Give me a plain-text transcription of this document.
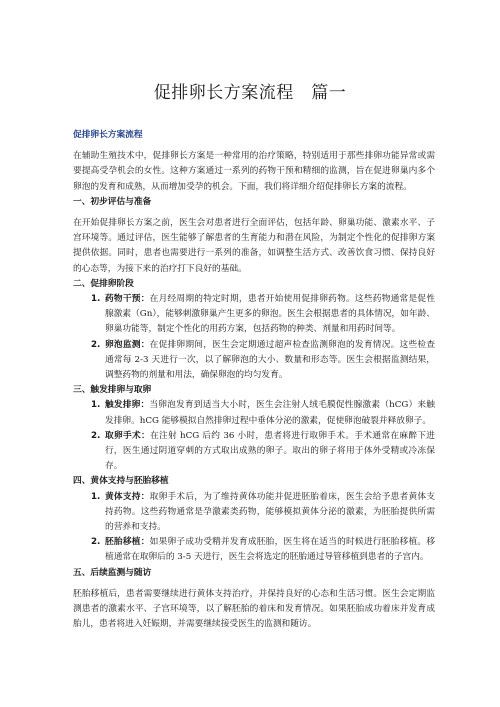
促排卵长方案流程　篇一

促排卵长方案流程

在辅助生殖技术中，促排卵长方案是一种常用的治疗策略，特别适用于那些排卵功能异常或需要提高受孕机会的女性。这种方案通过一系列的药物干预和精细的监测，旨在促进卵巢内多个卵泡的发育和成熟，从而增加受孕的机会。下面，我们将详细介绍促排卵长方案的流程。

一、初步评估与准备

在开始促排卵长方案之前，医生会对患者进行全面评估，包括年龄、卵巢功能、激素水平、子宫环境等。通过评估，医生能够了解患者的生育能力和潜在风险，为制定个性化的促排卵方案提供依据。同时，患者也需要进行一系列的准备，如调整生活方式、改善饮食习惯、保持良好的心态等，为接下来的治疗打下良好的基础。

二、促排卵阶段

1. 药物干预：在月经周期的特定时期，患者开始使用促排卵药物。这些药物通常是促性腺激素（Gn），能够刺激卵巢产生更多的卵泡。医生会根据患者的具体情况，如年龄、卵巢功能等，制定个性化的用药方案，包括药物的种类、剂量和用药时间等。

2. 卵泡监测：在促排卵期间，医生会定期通过超声检查监测卵泡的发育情况。这些检查通常每 2-3 天进行一次，以了解卵泡的大小、数量和形态等。医生会根据监测结果，调整药物的剂量和用法，确保卵泡的均匀发育。

三、触发排卵与取卵

1. 触发排卵：当卵泡发育到适当大小时，医生会注射人绒毛膜促性腺激素（hCG）来触发排卵。hCG 能够模拟自然排卵过程中垂体分泌的激素，促使卵泡破裂并释放卵子。

2. 取卵手术：在注射 hCG 后约 36 小时，患者将进行取卵手术。手术通常在麻醉下进行，医生通过阴道穿刺的方式取出成熟的卵子。取出的卵子将用于体外受精或冷冻保存。

四、黄体支持与胚胎移植

1. 黄体支持：取卵手术后，为了维持黄体功能并促进胚胎着床，医生会给予患者黄体支持药物。这些药物通常是孕激素类药物，能够模拟黄体分泌的激素，为胚胎提供所需的营养和支持。

2. 胚胎移植：如果卵子成功受精并发育成胚胎，医生将在适当的时候进行胚胎移植。移植通常在取卵后的 3-5 天进行，医生会将选定的胚胎通过导管移植到患者的子宫内。

五、后续监测与随访

胚胎移植后，患者需要继续进行黄体支持治疗，并保持良好的心态和生活习惯。医生会定期监测患者的激素水平、子宫环境等，以了解胚胎的着床和发育情况。如果胚胎成功着床并发育成胎儿，患者将进入妊娠期，并需要继续接受医生的监测和随访。
